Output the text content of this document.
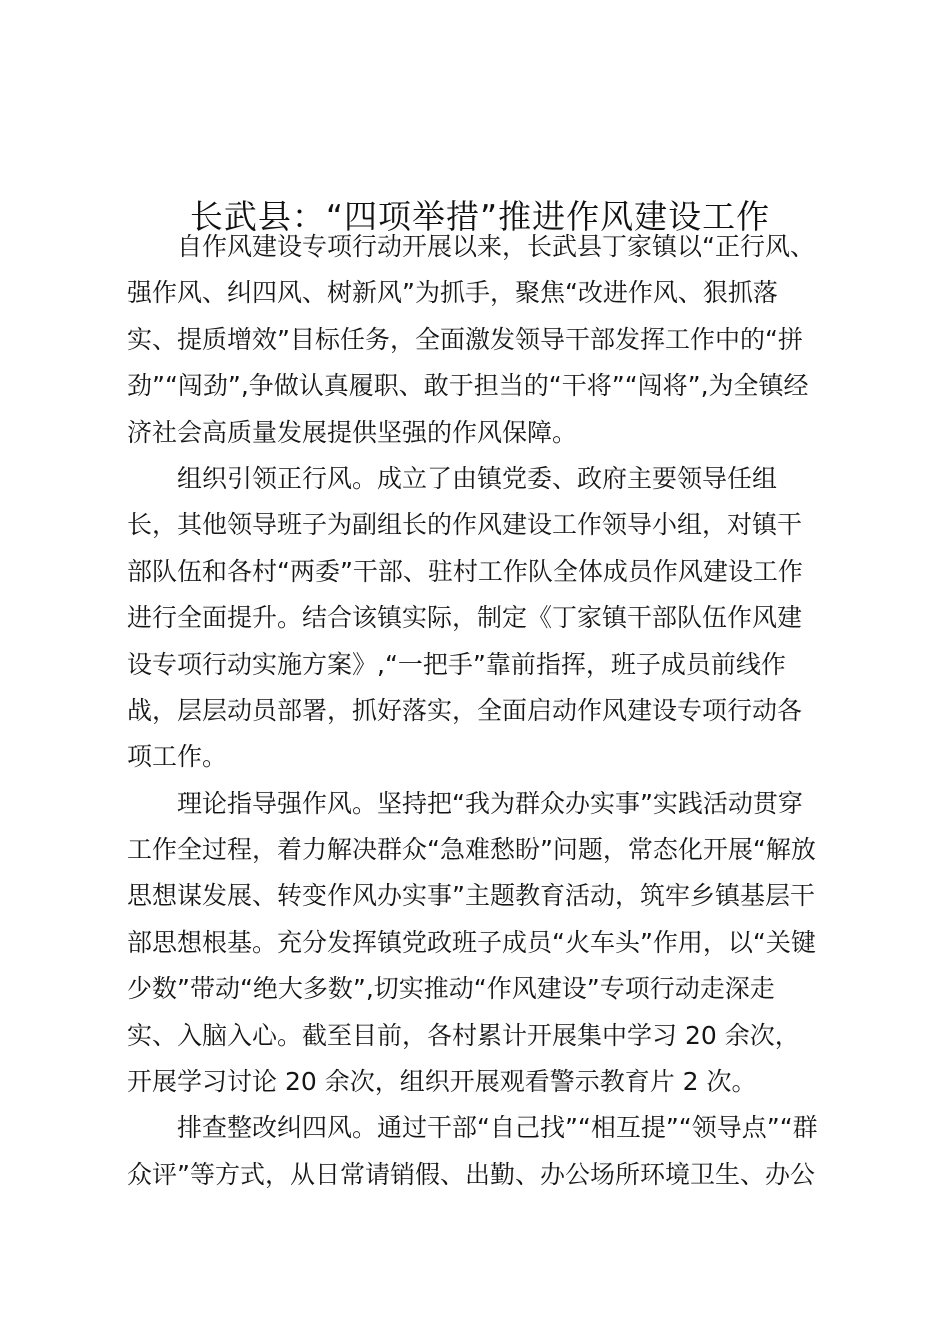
长武县：“四项举措”推进作风建设工作
自作风建设专项行动开展以来，长武县丁家镇以“正行风、
强作风、纠四风、树新风”为抓手，聚焦“改进作风、狠抓落
实、提质增效”目标任务，全面激发领导干部发挥工作中的“拼
劲”“闯劲”,争做认真履职、敢于担当的“干将”“闯将”,为全镇经
济社会高质量发展提供坚强的作风保障。
组织引领正行风。成立了由镇党委、政府主要领导任组
长，其他领导班子为副组长的作风建设工作领导小组，对镇干
部队伍和各村“两委”干部、驻村工作队全体成员作风建设工作
进行全面提升。结合该镇实际，制定《丁家镇干部队伍作风建
设专项行动实施方案》,“一把手”靠前指挥，班子成员前线作
战，层层动员部署，抓好落实，全面启动作风建设专项行动各
项工作。
理论指导强作风。坚持把“我为群众办实事”实践活动贯穿
工作全过程，着力解决群众“急难愁盼”问题，常态化开展“解放
思想谋发展、转变作风办实事”主题教育活动，筑牢乡镇基层干
部思想根基。充分发挥镇党政班子成员“火车头”作用，以“关键
少数”带动“绝大多数”,切实推动“作风建设”专项行动走深走
实、入脑入心。截至目前，各村累计开展集中学习 20 余次，
开展学习讨论 20 余次，组织开展观看警示教育片 2 次。
排查整改纠四风。通过干部“自己找”“相互提”“领导点”“群
众评”等方式，从日常请销假、出勤、办公场所环境卫生、办公
